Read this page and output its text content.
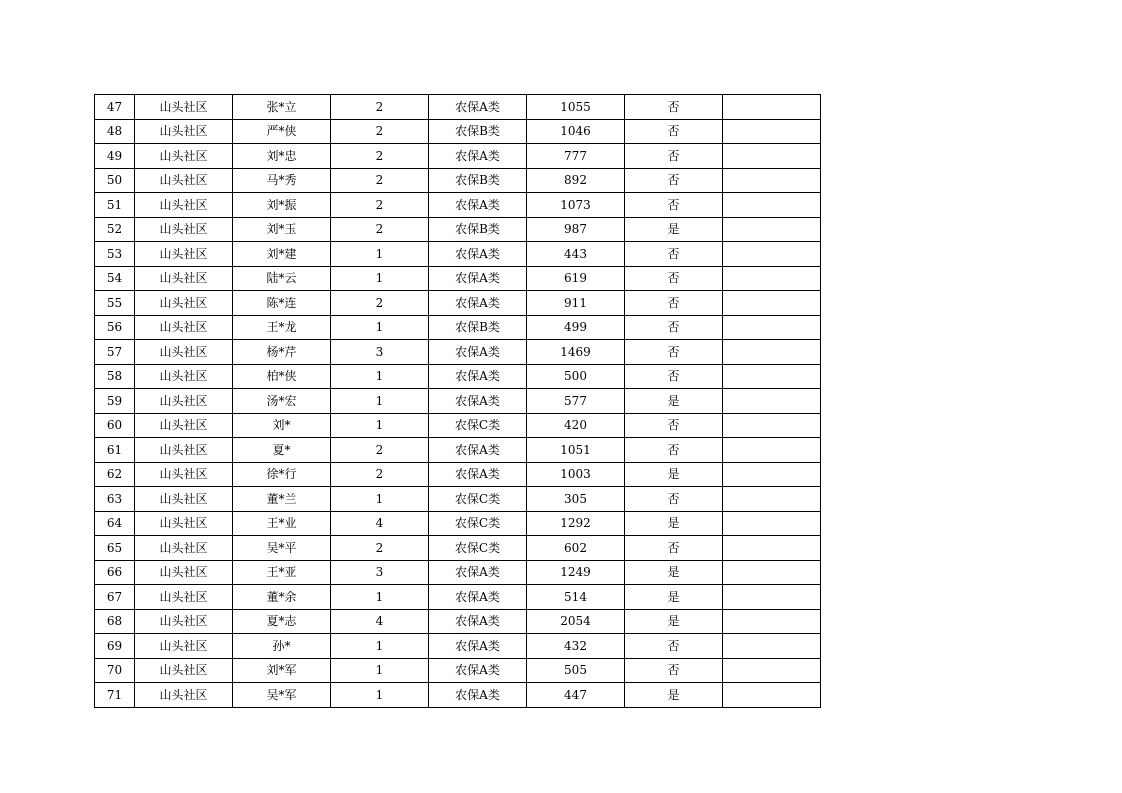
47	山头社区	张*立	2	农保A类	1055	否	
48	山头社区	严*侠	2	农保B类	1046	否	
49	山头社区	刘*忠	2	农保A类	777	否	
50	山头社区	马*秀	2	农保B类	892	否	
51	山头社区	刘*振	2	农保A类	1073	否	
52	山头社区	刘*玉	2	农保B类	987	是	
53	山头社区	刘*建	1	农保A类	443	否	
54	山头社区	陆*云	1	农保A类	619	否	
55	山头社区	陈*连	2	农保A类	911	否	
56	山头社区	王*龙	1	农保B类	499	否	
57	山头社区	杨*芹	3	农保A类	1469	否	
58	山头社区	柏*侠	1	农保A类	500	否	
59	山头社区	汤*宏	1	农保A类	577	是	
60	山头社区	刘*	1	农保C类	420	否	
61	山头社区	夏*	2	农保A类	1051	否	
62	山头社区	徐*行	2	农保A类	1003	是	
63	山头社区	董*兰	1	农保C类	305	否	
64	山头社区	王*业	4	农保C类	1292	是	
65	山头社区	吴*平	2	农保C类	602	否	
66	山头社区	王*亚	3	农保A类	1249	是	
67	山头社区	董*余	1	农保A类	514	是	
68	山头社区	夏*志	4	农保A类	2054	是	
69	山头社区	孙*	1	农保A类	432	否	
70	山头社区	刘*军	1	农保A类	505	否	
71	山头社区	吴*军	1	农保A类	447	是	
